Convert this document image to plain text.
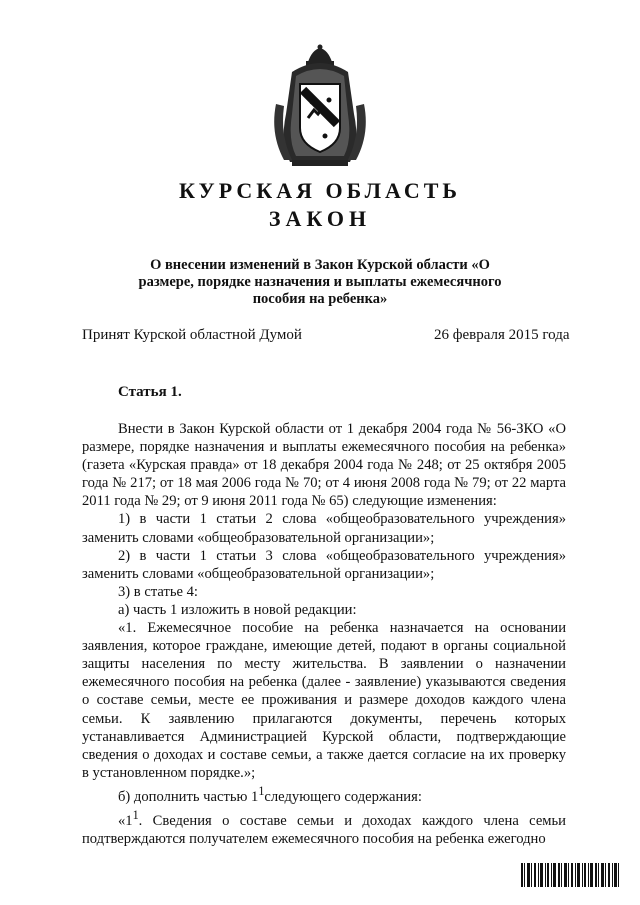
КУРСКАЯ ОБЛАСТЬ
ЗАКОН
О внесении изменений в Закон Курской области «О размере, порядке назначения и выплаты ежемесячного пособия на ребенка»
Принят Курской областной Думой	26 февраля 2015 года
Статья 1.

Внести в Закон Курской области от 1 декабря 2004 года № 56-ЗКО «О размере, порядке назначения и выплаты ежемесячного пособия на ребенка» (газета «Курская правда» от 18 декабря 2004 года № 248; от 25 октября 2005 года № 217; от 18 мая 2006 года № 70; от 4 июня 2008 года № 79; от 22 марта 2011 года № 29; от 9 июня 2011 года № 65) следующие изменения:

1) в части 1 статьи 2 слова «общеобразовательного учреждения» заменить словами «общеобразовательной организации»;

2) в части 1 статьи 3 слова «общеобразовательного учреждения» заменить словами «общеобразовательной организации»;

3) в статье 4:

а) часть 1 изложить в новой редакции:

«1. Ежемесячное пособие на ребенка назначается на основании заявления, которое граждане, имеющие детей, подают в органы социальной защиты населения по месту жительства. В заявлении о назначении ежемесячного пособия на ребенка (далее - заявление) указываются сведения о составе семьи, месте ее проживания и размере доходов каждого члена семьи. К заявлению прилагаются документы, перечень которых устанавливается Администрацией Курской области, подтверждающие сведения о доходах и составе семьи, а также дается согласие на их проверку в установленном порядке.»;

б) дополнить частью $1^1следующего$ содержания:

«$1^1$. Сведения о составе семьи и доходах каждого члена семьи подтверждаются получателем ежемесячного пособия на ребенка ежегодно
